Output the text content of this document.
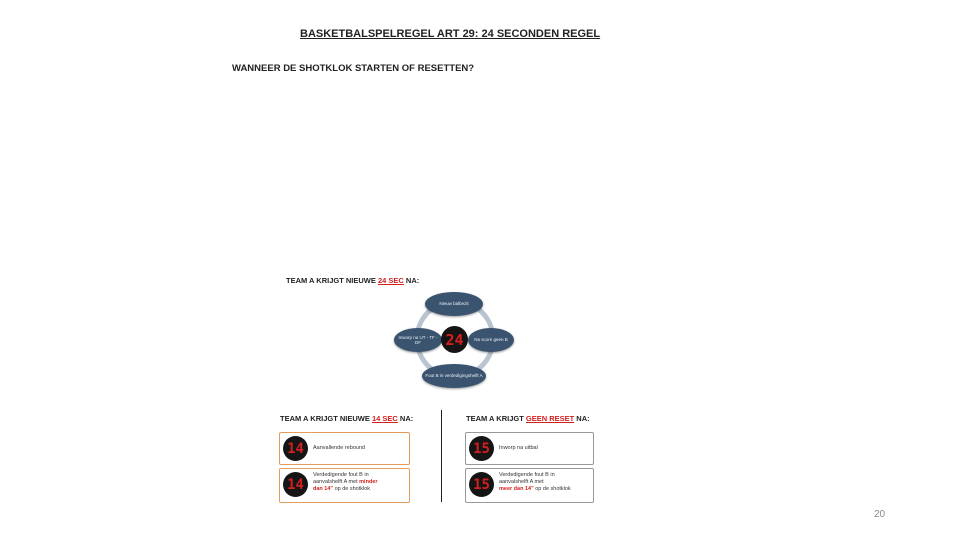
BASKETBALSPELREGEL ART 29: 24 SECONDEN REGEL
WANNEER DE SHOTKLOK STARTEN OF RESETTEN?
TEAM A KRIJGT NIEUWE 24 SEC NA:
Nieuw balbezit
Na score geen B
Fout B in verdedigingshelft A
Inworp na UT - TF - DF	24
TEAM A KRIJGT NIEUWE 14 SEC NA:	TEAM A KRIJGT GEEN RESET NA:
14	Aanvallende rebound
14
Verdedigende fout B in
aanvalshelft A met minder
dan 14" op de shotklok
15	Inworp na uitbal
15
Verdedigende fout B in
aanvalshelft A met
meer dan 14" op de shotklok
20
